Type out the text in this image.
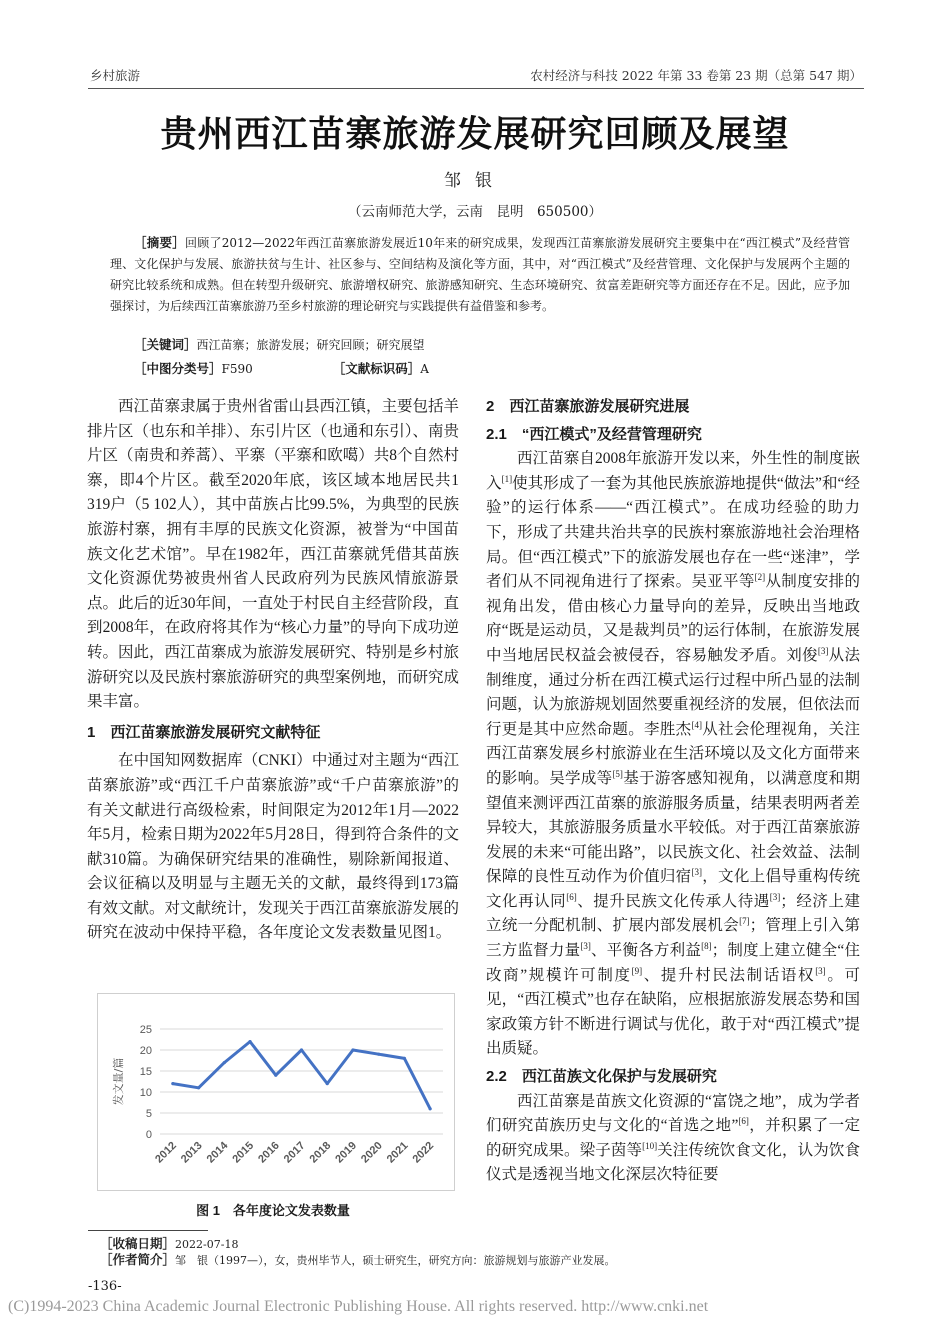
乡村旅游	农村经济与科技 2022 年第 33 卷第 23 期（总第 547 期）
贵州西江苗寨旅游发展研究回顾及展望
邹银
（云南师范大学，云南　昆明　650500）
［摘要］回顾了2012—2022年西江苗寨旅游发展近10年来的研究成果，发现西江苗寨旅游发展研究主要集中在“西江模式”及经营管理、文化保护与发展、旅游扶贫与生计、社区参与、空间结构及演化等方面，其中，对“西江模式”及经营管理、文化保护与发展两个主题的研究比较系统和成熟。但在转型升级研究、旅游增权研究、旅游感知研究、生态环境研究、贫富差距研究等方面还存在不足。因此，应予加强探讨，为后续西江苗寨旅游乃至乡村旅游的理论研究与实践提供有益借鉴和参考。
［关键词］西江苗寨；旅游发展；研究回顾；研究展望
［中图分类号］F590	［文献标识码］A

西江苗寨隶属于贵州省雷山县西江镇，主要包括羊排片区（也东和羊排）、东引片区（也通和东引）、南贵片区（南贵和养蒿）、平寨（平寨和欧噶）共8个自然村寨，即4个片区。截至2020年底，该区域本地居民共1 319户（5 102人），其中苗族占比99.5%，为典型的民族旅游村寨，拥有丰厚的民族文化资源，被誉为“中国苗族文化艺术馆”。早在1982年，西江苗寨就凭借其苗族文化资源优势被贵州省人民政府列为民族风情旅游景点。此后的近30年间，一直处于村民自主经营阶段，直到2008年，在政府将其作为“核心力量”的导向下成功逆转。因此，西江苗寨成为旅游发展研究、特别是乡村旅游研究以及民族村寨旅游研究的典型案例地，而研究成果丰富。

1　西江苗寨旅游发展研究文献特征

在中国知网数据库（CNKI）中通过对主题为“西江苗寨旅游”或“西江千户苗寨旅游”或“千户苗寨旅游”的有关文献进行高级检索，时间限定为2012年1月—2022年5月，检索日期为2022年5月28日，得到符合条件的文献310篇。为确保研究结果的准确性，剔除新闻报道、会议征稿以及明显与主题无关的文献，最终得到173篇有效文献。对文献统计，发现关于西江苗寨旅游发展的研究在波动中保持平稳，各年度论文发表数量见图1。

0
5
10
15
20
25
发文量/篇
2012 2013 2014 2015 2016 2017 2018 2019 2020 2021 2022
图 1　各年度论文发表数量
2　西江苗寨旅游发展研究进展
2.1　“西江模式”及经营管理研究

西江苗寨自2008年旅游开发以来，外生性的制度嵌入[1]使其形成了一套为其他民族旅游地提供“做法”和“经验”的运行体系——“西江模式”。在成功经验的助力下，形成了共建共治共享的民族村寨旅游地社会治理格局。但“西江模式”下的旅游发展也存在一些“迷津”，学者们从不同视角进行了探索。吴亚平等[2]从制度安排的视角出发，借由核心力量导向的差异，反映出当地政府“既是运动员，又是裁判员”的运行体制，在旅游发展中当地居民权益会被侵吞，容易触发矛盾。刘俊[3]从法制维度，通过分析在西江模式运行过程中所凸显的法制问题，认为旅游规划固然要重视经济的发展，但依法而行更是其中应然命题。李胜杰[4]从社会伦理视角，关注西江苗寨发展乡村旅游业在生活环境以及文化方面带来的影响。吴学成等[5]基于游客感知视角，以满意度和期望值来测评西江苗寨的旅游服务质量，结果表明两者差异较大，其旅游服务质量水平较低。对于西江苗寨旅游发展的未来“可能出路”，以民族文化、社会效益、法制保障的良性互动作为价值归宿[3]，文化上倡导重构传统文化再认同[6]、提升民族文化传承人待遇[3]；经济上建立统一分配机制、扩展内部发展机会[7]；管理上引入第三方监督力量[3]、平衡各方利益[8]；制度上建立健全“住改商”规模许可制度[9]、提升村民法制话语权[3]。可见，“西江模式”也存在缺陷，应根据旅游发展态势和国家政策方针不断进行调试与优化，敢于对“西江模式”提出质疑。

2.2　西江苗族文化保护与发展研究

西江苗寨是苗族文化资源的“富饶之地”，成为学者们研究苗族历史与文化的“首选之地”[6]，并积累了一定的研究成果。梁子茵等[10]关注传统饮食文化，认为饮食仪式是透视当地文化深层次特征要

［收稿日期］2022-07-18
［作者简介］邹　银（1997—），女，贵州毕节人，硕士研究生，研究方向：旅游规划与旅游产业发展。
-136-
(C)1994-2023 China Academic Journal Electronic Publishing House. All rights reserved. http://www.cnki.net
